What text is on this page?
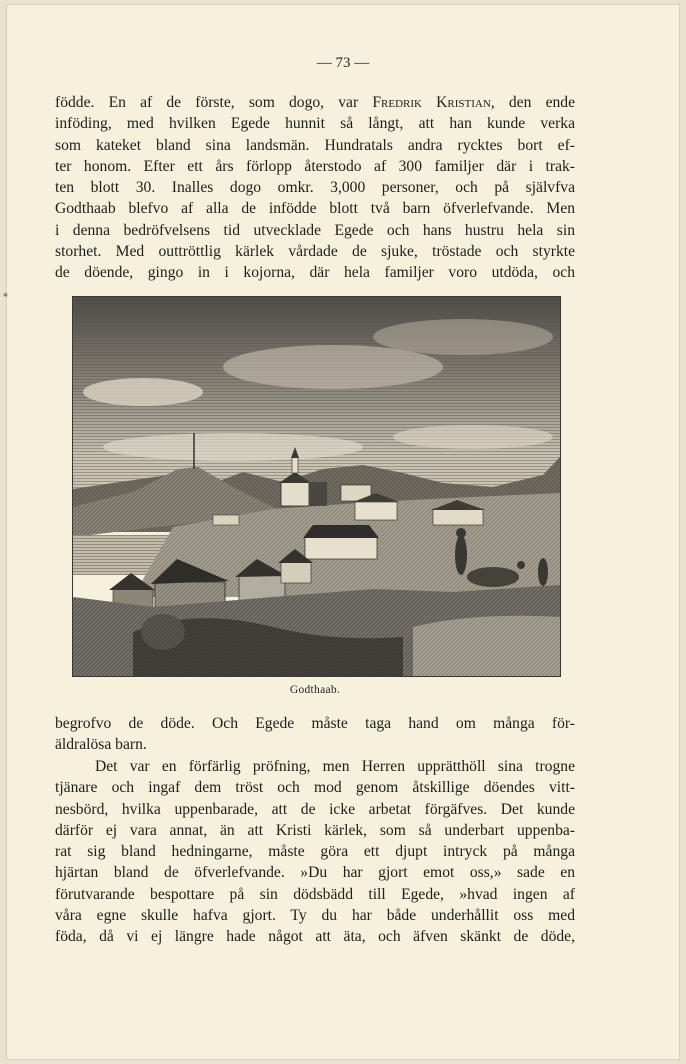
*
— 73 —

födde. En af de förste, som dogo, var Fredrik Kristian, den ende
inföding, med hvilken Egede hunnit så långt, att han kunde verka
som kateket bland sina landsmän. Hundratals andra rycktes bort ef-
ter honom. Efter ett års förlopp återstodo af 300 familjer där i trak-
ten blott 30. Inalles dogo omkr. 3,000 personer, och på självfva
Godthaab blefvo af alla de infödde blott två barn öfverlefvande. Men
i denna bedröfvelsens tid utvecklade Egede och hans hustru hela sin
storhet. Med outtröttlig kärlek vårdade de sjuke, tröstade och styrkte
de döende, gingo in i kojorna, där hela familjer voro utdöda, och

Godthaab.

begrofvo de döde. Och Egede måste taga hand om många för-
äldralösa barn.

Det var en förfärlig pröfning, men Herren upprätthöll sina trogne
tjänare och ingaf dem tröst och mod genom åtskillige döendes vitt-
nesbörd, hvilka uppenbarade, att de icke arbetat förgäfves. Det kunde
därför ej vara annat, än att Kristi kärlek, som så underbart uppenba-
rat sig bland hedningarne, måste göra ett djupt intryck på många
hjärtan bland de öfverlefvande. »Du har gjort emot oss,» sade en
förutvarande bespottare på sin dödsbädd till Egede, »hvad ingen af
våra egne skulle hafva gjort. Ty du har både underhållit oss med
föda, då vi ej längre hade något att äta, och äfven skänkt de döde,
